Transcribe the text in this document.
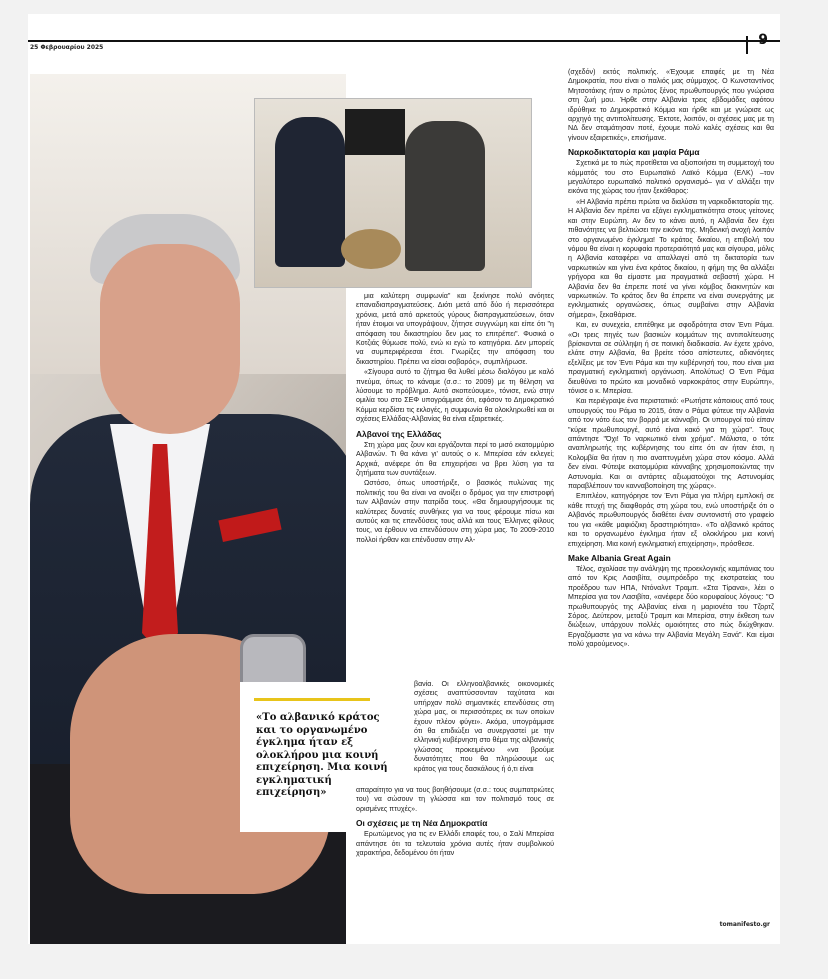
25 Φεβρουαρίου 2025	9

μια καλύτερη συμφωνία" και ξεκίνησε πολύ ανόητες επαναδιαπραγματεύσεις. Διότι μετά από δύο ή περισσότερα χρόνια, μετά από αρκετούς γύρους διαπραγματεύσεων, όταν ήταν έτοιμοι να υπογράψουν, ζήτησε συγγνώμη και είπε ότι "η απόφαση του δικαστηρίου δεν μας το επιτρέπει". Φυσικά ο Κοτζιάς θύμωσε πολύ, ενώ κι εγώ το κατηγόρια. Δεν μπορείς να συμπεριφέρεσαι έτσι. Γνωρίζες την απόφαση του δικαστηρίου. Πρέπει να είσαι σοβαρός», συμπλήρωσε.

«Σίγουρα αυτό το ζήτημα θα λυθεί μέσω διαλόγου με καλό πνεύμα, όπως το κάναμε (σ.σ.: το 2009) με τη θέληση να λύσουμε το πρόβλημα. Αυτό σκοπεύουμε», τόνισε, ενώ στην ομιλία του στο ΣΕΦ υπογράμμισε ότι, εφόσον το Δημοκρατικό Κόμμα κερδίσει τις εκλογές, η συμφωνία θα ολοκληρωθεί και οι σχέσεις Ελλάδας-Αλβανίας θα είναι εξαιρετικές.

Αλβανοί της Ελλάδας

Στη χώρα μας ζουν και εργάζονται περί το μισό εκατομμύριο Αλβανών. Τι θα κάνει γι' αυτούς ο κ. Μπερίσα εάν εκλεγεί; Αρχικά, ανέφερε ότι θα επιχειρήσει να βρει λύση για τα ζητήματα των συντάξεων.

Ωστόσο, όπως υποστήριξε, ο βασικός πυλώνας της πολιτικής του θα είναι να ανοίξει ο δρόμος για την επιστροφή των Αλβανών στην πατρίδα τους. «Θα δημιουργήσουμε τις καλύτερες δυνατές συνθήκες για να τους φέρουμε πίσω και αυτούς και τις επενδύσεις τους αλλά και τους Έλληνες φίλους τους, να έρθουν να επενδύσουν στη χώρα μας. Το 2009-2010 πολλοί ήρθαν και επένδυσαν στην Αλ-

«Το αλβανικό κράτος και το οργανωμένο έγκλημα ήταν εξ ολοκλήρου μια κοινή επιχείρηση. Μια κοινή εγκληματική επιχείρηση»

βανία. Οι ελληνοαλβανικές οικονομικές σχέσεις αναπτύσσονταν ταχύτατα και υπήρχαν πολύ σημαντικές επενδύσεις στη χώρα μας, οι περισσότερες εκ των οποίων έχουν πλέον φύγει». Ακόμα, υπογράμμισε ότι θα επιδιώξει να συνεργαστεί με την ελληνική κυβέρνηση στο θέμα της αλβανικής γλώσσας προκειμένου «να βρούμε δυνατότητες που θα πληρώσουμε ως κράτος για τους δασκάλους ή ό,τι είναι

απαραίτητο για να τους βοηθήσουμε (σ.σ.: τους συμπατριώτες του) να σώσουν τη γλώσσα και τον πολιτισμό τους σε ορισμένες πτυχές».

Οι σχέσεις με τη Νέα Δημοκρατία

Ερωτώμενος για τις εν Ελλάδι επαφές του, ο Σαλί Μπερίσα απάντησε ότι τα τελευταία χρόνια αυτές ήταν συμβολικού χαρακτήρα, δεδομένου ότι ήταν

(σχεδόν) εκτός πολιτικής. «Έχουμε επαφές με τη Νέα Δημοκρατία, που είναι ο παλιός μας σύμμαχος. Ο Κωνσταντίνος Μητσοτάκης ήταν ο πρώτος ξένος πρωθυπουργός που γνώρισα στη ζωή μου. Ήρθε στην Αλβανία τρεις εβδομάδες αφότου ιδρύθηκε το Δημοκρατικό Κόμμα και ήρθε και με γνώρισε ως αρχηγό της αντιπολίτευσης. Έκτοτε, λοιπόν, οι σχέσεις μας με τη ΝΔ δεν σταμάτησαν ποτέ, έχουμε πολύ καλές σχέσεις και θα γίνουν εξαιρετικές», επισήμανε.

Ναρκοδικτατορία και μαφία Ράμα

Σχετικά με το πώς προτίθεται να αξιοποιήσει τη συμμετοχή του κόμματός του στο Ευρωπαϊκό Λαϊκό Κόμμα (ΕΛΚ) –τον μεγαλύτερο ευρωπαϊκό πολιτικό οργανισμό– για ν' αλλάξει την εικόνα της χώρας του ήταν ξεκάθαρος:

«Η Αλβανία πρέπει πρώτα να διαλύσει τη ναρκοδικτατορία της. Η Αλβανία δεν πρέπει να εξάγει εγκληματικότητα στους γείτονες και στην Ευρώπη. Αν δεν το κάνει αυτό, η Αλβανία δεν έχει πιθανότητες να βελτιώσει την εικόνα της. Μηδενική ανοχή λοιπόν στο οργανωμένο έγκλημα! Το κράτος δικαίου, η επιβολή του νόμου θα είναι η κορυφαία προτεραιότητά μας και σίγουρα, μόλις η Αλβανία καταφέρει να απαλλαγεί από τη δικτατορία των ναρκωτικών και γίνει ένα κράτος δικαίου, η φήμη της θα αλλάξει γρήγορα και θα είμαστε μια πραγματικά σεβαστή χώρα. Η Αλβανία δεν θα έπρεπε ποτέ να γίνει κόμβος διακινητών και ναρκωτικών. Το κράτος δεν θα έπρεπε να είναι συνεργάτης με εγκληματικές οργανώσεις, όπως συμβαίνει στην Αλβανία σήμερα», ξεκαθάρισε.

Και, εν συνεχεία, επιτέθηκε με σφοδρότητα στον Έντι Ράμα. «Οι τρεις πηγές των βασικών κομμάτων της αντιπολίτευσης βρίσκονται σε σύλληψη ή σε ποινική διαδικασία. Αν έχετε χρόνο, ελάτε στην Αλβανία, θα βρείτε τόσο απίστευτες, αδιανόητες εξελίξεις με τον Έντι Ράμα και την κυβέρνησή του, που είναι μια πραγματική εγκληματική οργάνωση. Απολύτως! Ο Έντι Ράμα διευθύνει το πρώτο και μοναδικό ναρκοκράτος στην Ευρώπη», τόνισε ο κ. Μπερίσα.

Και περιέγραψε ένα περιστατικό: «Ρωτήστε κάποιους από τους υπουργούς του Ράμα το 2015, όταν ο Ράμα φύτευε την Αλβανία από τον νότο έως τον βορρά με κάνναβη. Οι υπουργοί τού είπαν "κύριε πρωθυπουργέ, αυτό είναι κακό για τη χώρα". Τους απάντησε "Όχι! Το ναρκωτικό είναι χρήμα". Μάλιστα, ο τότε αναπληρωτής της κυβέρνησης του είπε ότι αν ήταν έτσι, η Κολομβία θα ήταν η πιο αναπτυγμένη χώρα στον κόσμο. Αλλά δεν είναι. Φύτεψε εκατομμύρια κάνναβης χρησιμοποιώντας την Αστυνομία. Και οι αντάρτες αξιωματούχοι της Αστυνομίας παραβλέπουν τον κανναβοποίηση της χώρας».

Επιπλέον, κατηγόρησε τον Έντι Ράμα για πλήρη εμπλοκή σε κάθε πτυχή της διαφθοράς στη χώρα του, ενώ υποστήριξε ότι ο Αλβανός πρωθυπουργός διαθέτει έναν συντονιστή στο γραφείο του για «κάθε μαφιόζικη δραστηριότητα». «Το αλβανικό κράτος και το οργανωμένο έγκλημα ήταν εξ ολοκλήρου μια κοινή επιχείρηση. Μια κοινή εγκληματική επιχείρηση», πρόσθεσε.

Make Albania Great Again

Τέλος, σχολίασε την ανάληψη της προεκλογικής καμπάνιας του από τον Κρις Λασιβίτα, συμπρόεδρο της εκστρατείας του προέδρου των ΗΠΑ, Ντόναλντ Τραμπ. «Στα Τίρανα», λέει ο Μπερίσα για τον Λασιβίτα, «ανέφερε δύο κορυφαίους λόγους: "Ο πρωθυπουργός της Αλβανίας είναι η μαριονέτα του Τζορτζ Σόρος. Δεύτερον, μεταξύ Τραμπ και Μπερίσα, στην έκθεση των διώξεων, υπάρχουν πολλές ομοιότητες στο πώς διώχθηκαν. Εργαζόμαστε για να κάνω την Αλβανία Μεγάλη Ξανά". Και είμαι πολύ χαρούμενος».

tomanifesto.gr
